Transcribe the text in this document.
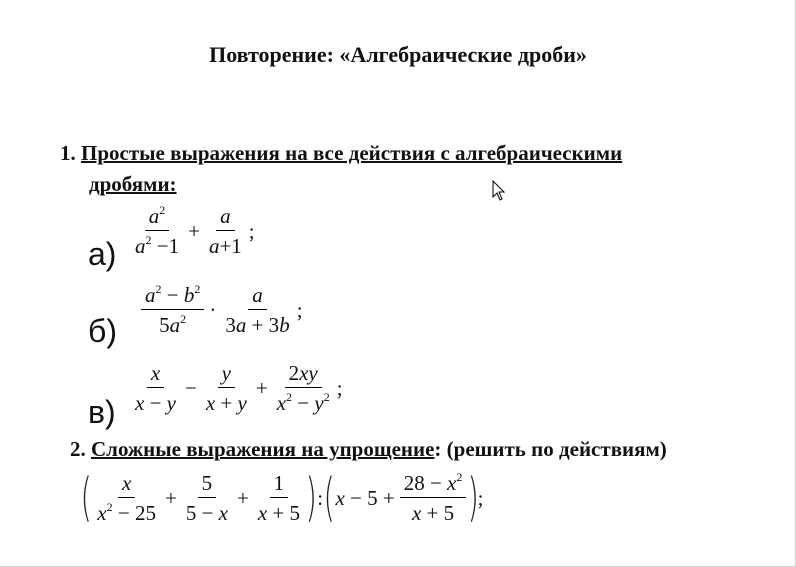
Повторение: «Алгебраические дроби»
1. Простые выражения на все действия с алгебраическими
дробями:
а)
$a^2$
$a^2 -1$
+ $\frac{a}{a+1}$ ;
б)
$a^2 - b^2$
$5a^2$ ·
a
3a + 3b
;
в)
x
x − y
− $\frac{y}{x + y} + \frac{2xy}{x^2 - y^2}$ ;
2. Сложные выражения на упрощение: (решить по действиям)
( x
$x^2 - 25$
+ $\frac{5}{5 - x} + \frac{1}{x + 5}$ ) : ( $x - 5 + \frac{28 - x^2}{x + 5}$ )
;
